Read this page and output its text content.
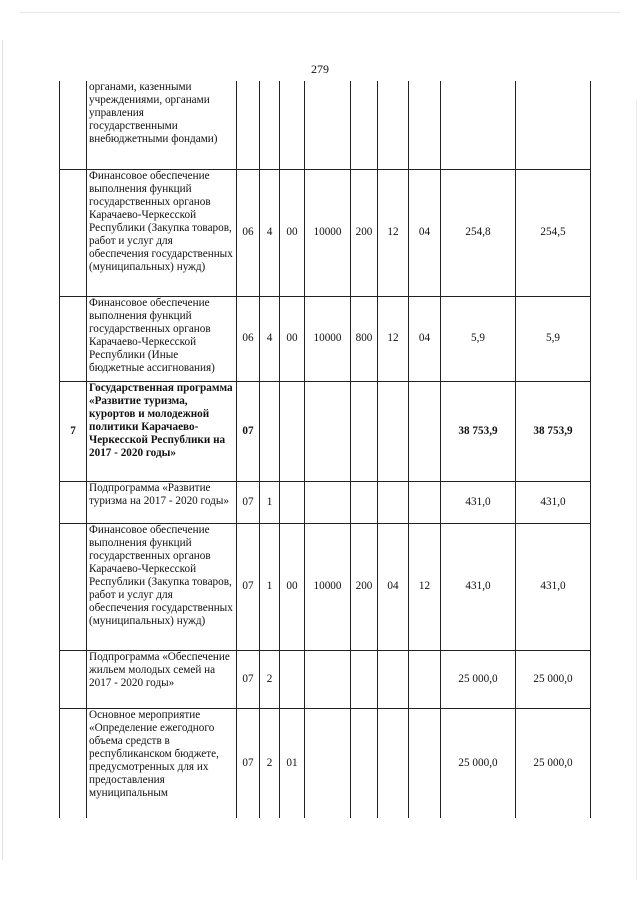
279
	органами, казенными учреждениями, органами управления государственными внебюджетными фондами)									
	Финансовое обеспечение выполнения функций государственных органов Карачаево-Черкесской Республики (Закупка товаров, работ и услуг для обеспечения государственных (муниципальных) нужд)	06	4	00	10000	200	12	04	254,8	254,5
	Финансовое обеспечение выполнения функций государственных органов Карачаево-Черкесской Республики (Иные бюджетные ассигнования)	06	4	00	10000	800	12	04	5,9	5,9
7	Государственная программа «Развитие туризма, курортов и молодежной политики Карачаево-Черкесской Республики на 2017 - 2020 годы»	07							38 753,9	38 753,9
	Подпрограмма «Развитие туризма на 2017 - 2020 годы»	07	1						431,0	431,0
	Финансовое обеспечение выполнения функций государственных органов Карачаево-Черкесской Республики (Закупка товаров, работ и услуг для обеспечения государственных (муниципальных) нужд)	07	1	00	10000	200	04	12	431,0	431,0
	Подпрограмма «Обеспечение жильем молодых семей на 2017 - 2020 годы»	07	2						25 000,0	25 000,0
	Основное мероприятие «Определение ежегодного объема средств в республиканском бюджете, предусмотренных для их предоставления муниципальным	07	2	01					25 000,0	25 000,0
